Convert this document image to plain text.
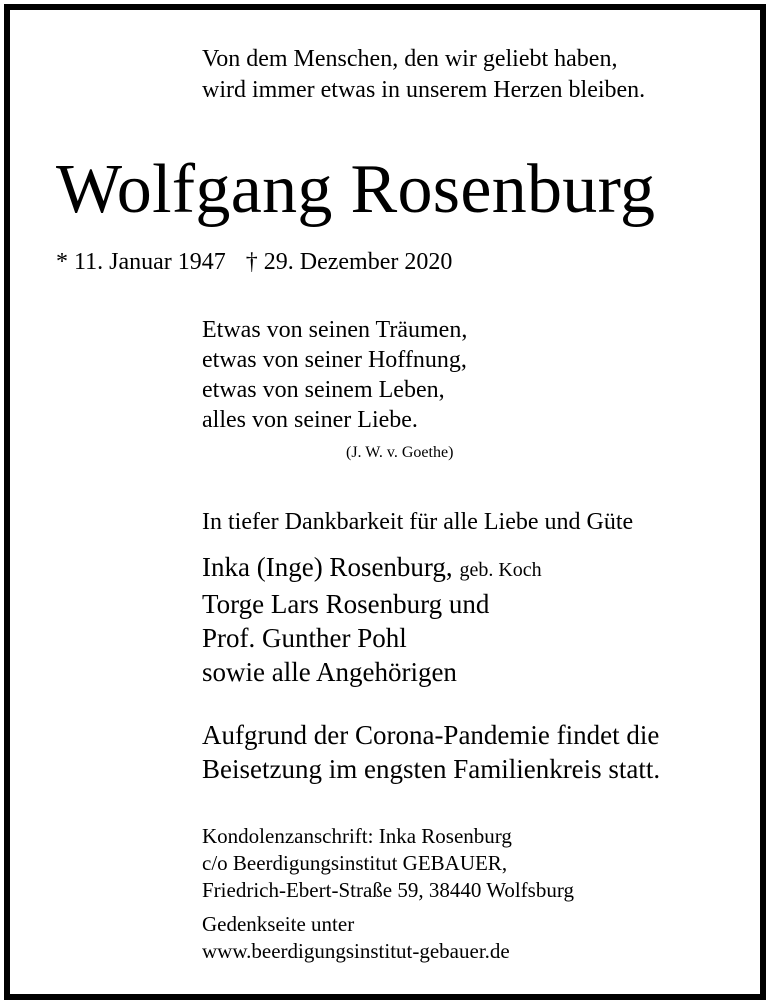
Von dem Menschen, den wir geliebt haben,
wird immer etwas in unserem Herzen bleiben.
Wolfgang Rosenburg
* 11. Januar 1947 † 29. Dezember 2020
Etwas von seinen Träumen,
etwas von seiner Hoffnung,
etwas von seinem Leben,
alles von seiner Liebe.
(J. W. v. Goethe)
In tiefer Dankbarkeit für alle Liebe und Güte
Inka (Inge) Rosenburg, geb. Koch
Torge Lars Rosenburg und
Prof. Gunther Pohl
sowie alle Angehörigen
Aufgrund der Corona-Pandemie findet die
Beisetzung im engsten Familienkreis statt.
Kondolenzanschrift: Inka Rosenburg
c/o Beerdigungsinstitut GEBAUER,
Friedrich-Ebert-Straße 59, 38440 Wolfsburg
Gedenkseite unter
www.beerdigungsinstitut-gebauer.de
